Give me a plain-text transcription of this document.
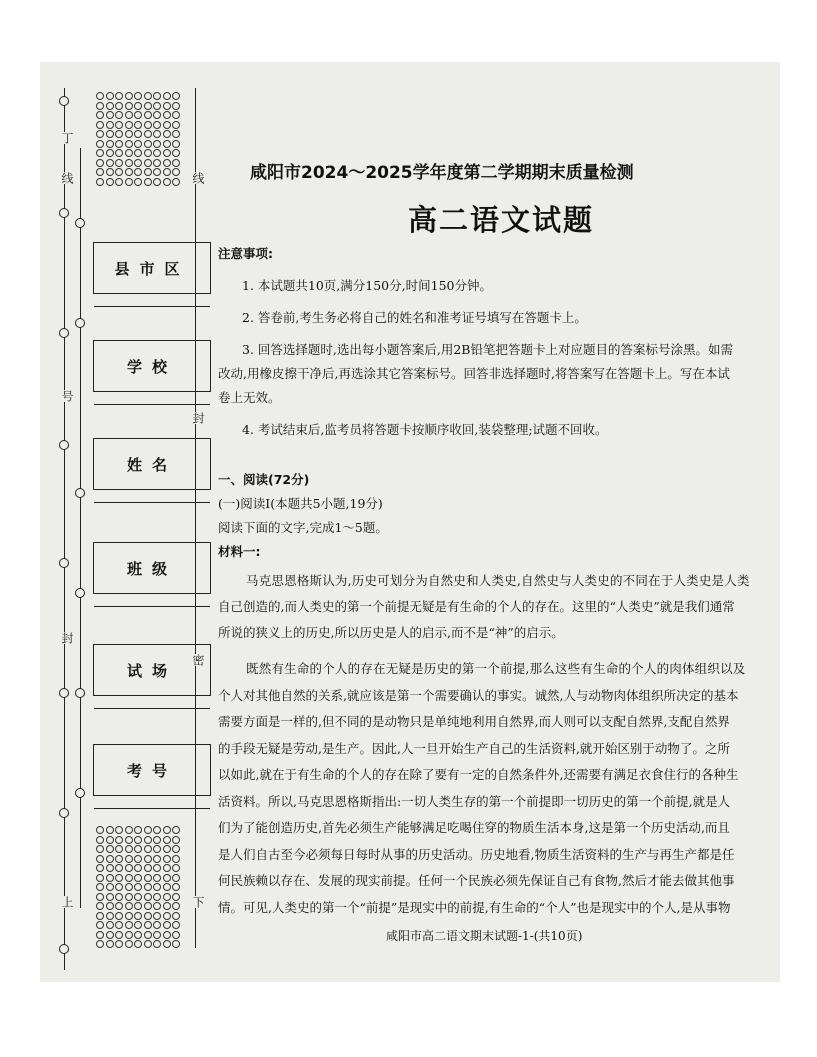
丁
线
号
封
上
县市区
学校
姓名
班级
试场
考号
线
封
密
下
咸阳市2024～2025学年度第二学期期末质量检测
高二语文试题

注意事项:

1. 本试题共10页,满分150分,时间150分钟。

2. 答卷前,考生务必将自己的姓名和准考证号填写在答题卡上。

3. 回答选择题时,选出每小题答案后,用2B铅笔把答题卡上对应题目的答案标号涂黑。如需

改动,用橡皮擦干净后,再选涂其它答案标号。回答非选择题时,将答案写在答题卡上。写在本试

卷上无效。

4. 考试结束后,监考员将答题卡按顺序收回,装袋整理;试题不回收。

一、阅读(72分)

(一)阅读Ⅰ(本题共5小题,19分)

阅读下面的文字,完成1～5题。

材料一:

马克思恩格斯认为,历史可划分为自然史和人类史,自然史与人类史的不同在于人类史是人类

自己创造的,而人类史的第一个前提无疑是有生命的个人的存在。这里的“人类史”就是我们通常

所说的狭义上的历史,所以历史是人的启示,而不是“神”的启示。

既然有生命的个人的存在无疑是历史的第一个前提,那么这些有生命的个人的肉体组织以及

个人对其他自然的关系,就应该是第一个需要确认的事实。诚然,人与动物肉体组织所决定的基本

需要方面是一样的,但不同的是动物只是单纯地利用自然界,而人则可以支配自然界,支配自然界

的手段无疑是劳动,是生产。因此,人一旦开始生产自己的生活资料,就开始区别于动物了。之所

以如此,就在于有生命的个人的存在除了要有一定的自然条件外,还需要有满足衣食住行的各种生

活资料。所以,马克思恩格斯指出:一切人类生存的第一个前提即一切历史的第一个前提,就是人

们为了能创造历史,首先必须生产能够满足吃喝住穿的物质生活本身,这是第一个历史活动,而且

是人们自古至今必须每日每时从事的历史活动。历史地看,物质生活资料的生产与再生产都是任

何民族赖以存在、发展的现实前提。任何一个民族必须先保证自己有食物,然后才能去做其他事

情。可见,人类史的第一个“前提”是现实中的前提,有生命的“个人”也是现实中的个人,是从事物

咸阳市高二语文期末试题-1-(共10页)
